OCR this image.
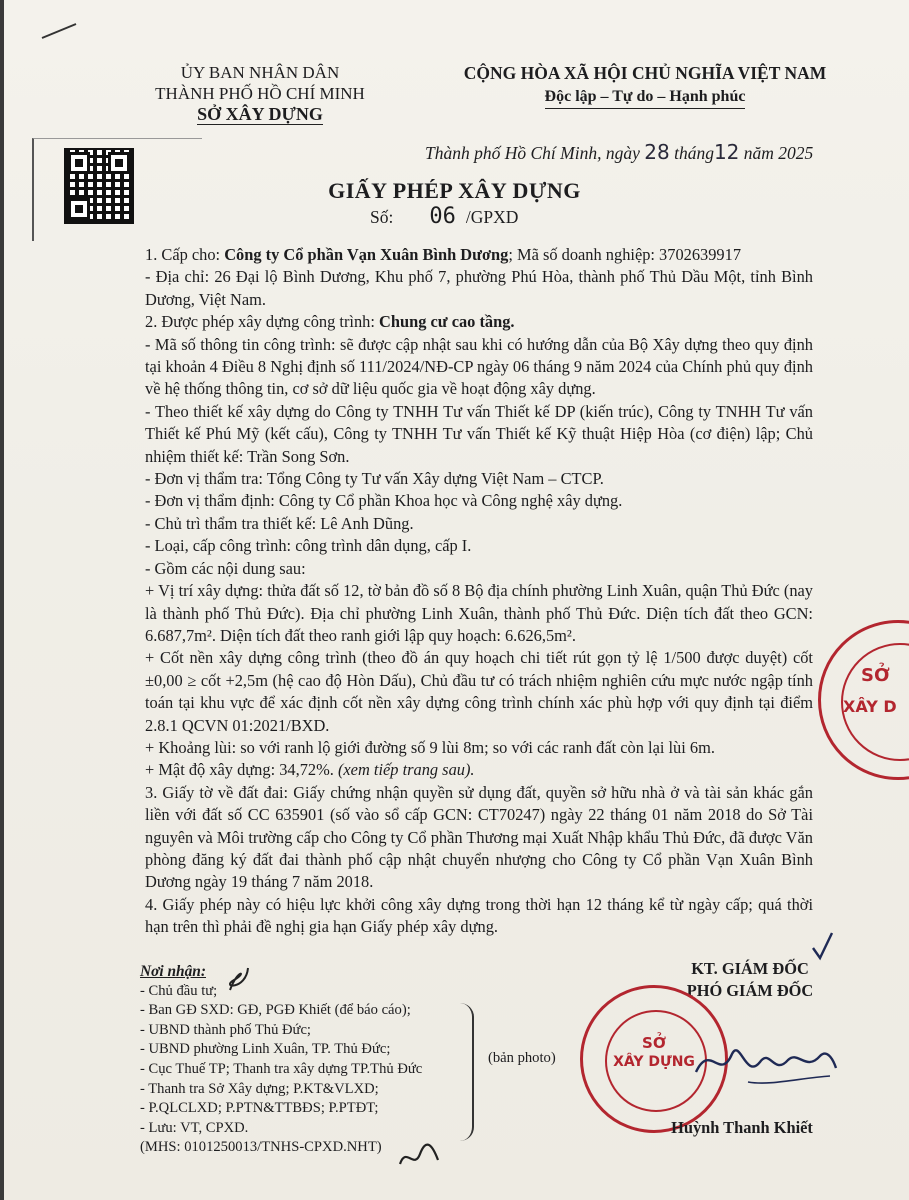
ỦY BAN NHÂN DÂN
THÀNH PHỐ HỒ CHÍ MINH
SỞ XÂY DỰNG
CỘNG HÒA XÃ HỘI CHỦ NGHĨA VIỆT NAM
Độc lập – Tự do – Hạnh phúc
Thành phố Hồ Chí Minh, ngày 28 tháng12 năm 2025
GIẤY PHÉP XÂY DỰNG
Số: 06 /GPXD

1. Cấp cho: Công ty Cổ phần Vạn Xuân Bình Dương; Mã số doanh nghiệp: 3702639917

- Địa chỉ: 26 Đại lộ Bình Dương, Khu phố 7, phường Phú Hòa, thành phố Thủ Dầu Một, tỉnh Bình Dương, Việt Nam.

2. Được phép xây dựng công trình: Chung cư cao tầng.

- Mã số thông tin công trình: sẽ được cập nhật sau khi có hướng dẫn của Bộ Xây dựng theo quy định tại khoản 4 Điều 8 Nghị định số 111/2024/NĐ-CP ngày 06 tháng 9 năm 2024 của Chính phủ quy định về hệ thống thông tin, cơ sở dữ liệu quốc gia về hoạt động xây dựng.

- Theo thiết kế xây dựng do Công ty TNHH Tư vấn Thiết kế DP (kiến trúc), Công ty TNHH Tư vấn Thiết kế Phú Mỹ (kết cấu), Công ty TNHH Tư vấn Thiết kế Kỹ thuật Hiệp Hòa (cơ điện) lập; Chủ nhiệm thiết kế: Trần Song Sơn.

- Đơn vị thẩm tra: Tổng Công ty Tư vấn Xây dựng Việt Nam – CTCP.

- Đơn vị thẩm định: Công ty Cổ phần Khoa học và Công nghệ xây dựng.

- Chủ trì thẩm tra thiết kế: Lê Anh Dũng.

- Loại, cấp công trình: công trình dân dụng, cấp I.

- Gồm các nội dung sau:

+ Vị trí xây dựng: thửa đất số 12, tờ bản đồ số 8 Bộ địa chính phường Linh Xuân, quận Thủ Đức (nay là thành phố Thủ Đức). Địa chỉ phường Linh Xuân, thành phố Thủ Đức. Diện tích đất theo GCN: 6.687,7m². Diện tích đất theo ranh giới lập quy hoạch: 6.626,5m².

+ Cốt nền xây dựng công trình (theo đồ án quy hoạch chi tiết rút gọn tỷ lệ 1/500 được duyệt) cốt ±0,00 ≥ cốt +2,5m (hệ cao độ Hòn Dấu), Chủ đầu tư có trách nhiệm nghiên cứu mực nước ngập tính toán tại khu vực để xác định cốt nền xây dựng công trình chính xác phù hợp với quy định tại điểm 2.8.1 QCVN 01:2021/BXD.

+ Khoảng lùi: so với ranh lộ giới đường số 9 lùi 8m; so với các ranh đất còn lại lùi 6m.

+ Mật độ xây dựng: 34,72%. (xem tiếp trang sau).

3. Giấy tờ về đất đai: Giấy chứng nhận quyền sử dụng đất, quyền sở hữu nhà ở và tài sản khác gắn liền với đất số CC 635901 (số vào sổ cấp GCN: CT70247) ngày 22 tháng 01 năm 2018 do Sở Tài nguyên và Môi trường cấp cho Công ty Cổ phần Thương mại Xuất Nhập khẩu Thủ Đức, đã được Văn phòng đăng ký đất đai thành phố cập nhật chuyển nhượng cho Công ty Cổ phần Vạn Xuân Bình Dương ngày 19 tháng 7 năm 2018.

4. Giấy phép này có hiệu lực khởi công xây dựng trong thời hạn 12 tháng kể từ ngày cấp; quá thời hạn trên thì phải đề nghị gia hạn Giấy phép xây dựng.

Nơi nhận:
- Chủ đầu tư;
- Ban GĐ SXD: GĐ, PGĐ Khiết (để báo cáo);
- UBND thành phố Thủ Đức;
- UBND phường Linh Xuân, TP. Thủ Đức;
- Cục Thuế TP; Thanh tra xây dựng TP.Thủ Đức
- Thanh tra Sở Xây dựng; P.KT&VLXD;
- P.QLCLXD; P.PTN&TTBĐS; P.PTĐT;
- Lưu: VT, CPXD.
(MHS: 0101250013/TNHS-CPXD.NHT)
(bản photo)
SỞ
XÂY D
KT. GIÁM ĐỐC
PHÓ GIÁM ĐỐC
SỞ
XÂY DỰNG
Huỳnh Thanh Khiết
